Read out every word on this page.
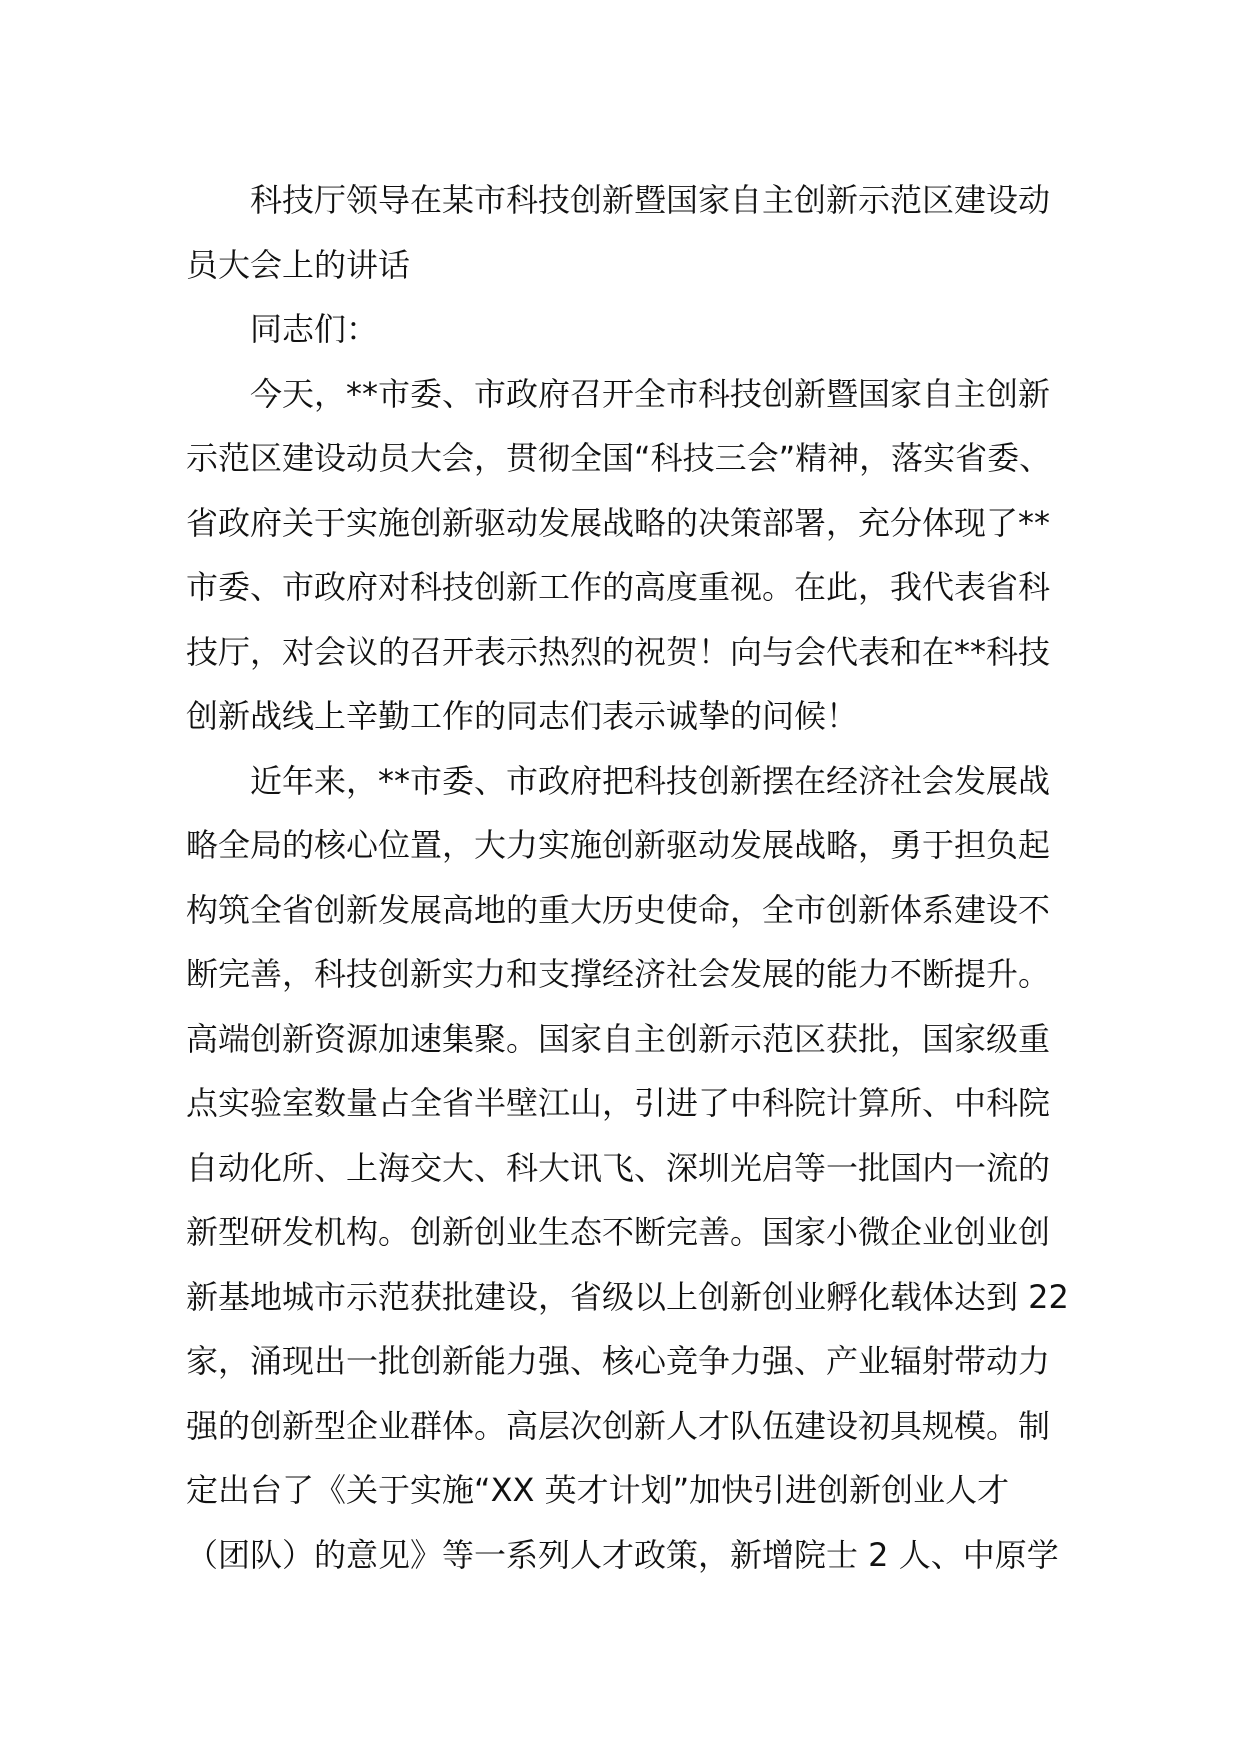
科技厅领导在某市科技创新暨国家自主创新示范区建设动
员大会上的讲话

同志们：

今天，**市委、市政府召开全市科技创新暨国家自主创新
示范区建设动员大会，贯彻全国“科技三会”精神，落实省委、
省政府关于实施创新驱动发展战略的决策部署，充分体现了**
市委、市政府对科技创新工作的高度重视。在此，我代表省科
技厅，对会议的召开表示热烈的祝贺！向与会代表和在**科技
创新战线上辛勤工作的同志们表示诚挚的问候！

近年来，**市委、市政府把科技创新摆在经济社会发展战
略全局的核心位置，大力实施创新驱动发展战略，勇于担负起
构筑全省创新发展高地的重大历史使命，全市创新体系建设不
断完善，科技创新实力和支撑经济社会发展的能力不断提升。
高端创新资源加速集聚。国家自主创新示范区获批，国家级重
点实验室数量占全省半壁江山，引进了中科院计算所、中科院
自动化所、上海交大、科大讯飞、深圳光启等一批国内一流的
新型研发机构。创新创业生态不断完善。国家小微企业创业创
新基地城市示范获批建设，省级以上创新创业孵化载体达到 22
家，涌现出一批创新能力强、核心竞争力强、产业辐射带动力
强的创新型企业群体。高层次创新人才队伍建设初具规模。制
定出台了《关于实施“XX 英才计划”加快引进创新创业人才
（团队）的意见》等一系列人才政策，新增院士 2 人、中原学
